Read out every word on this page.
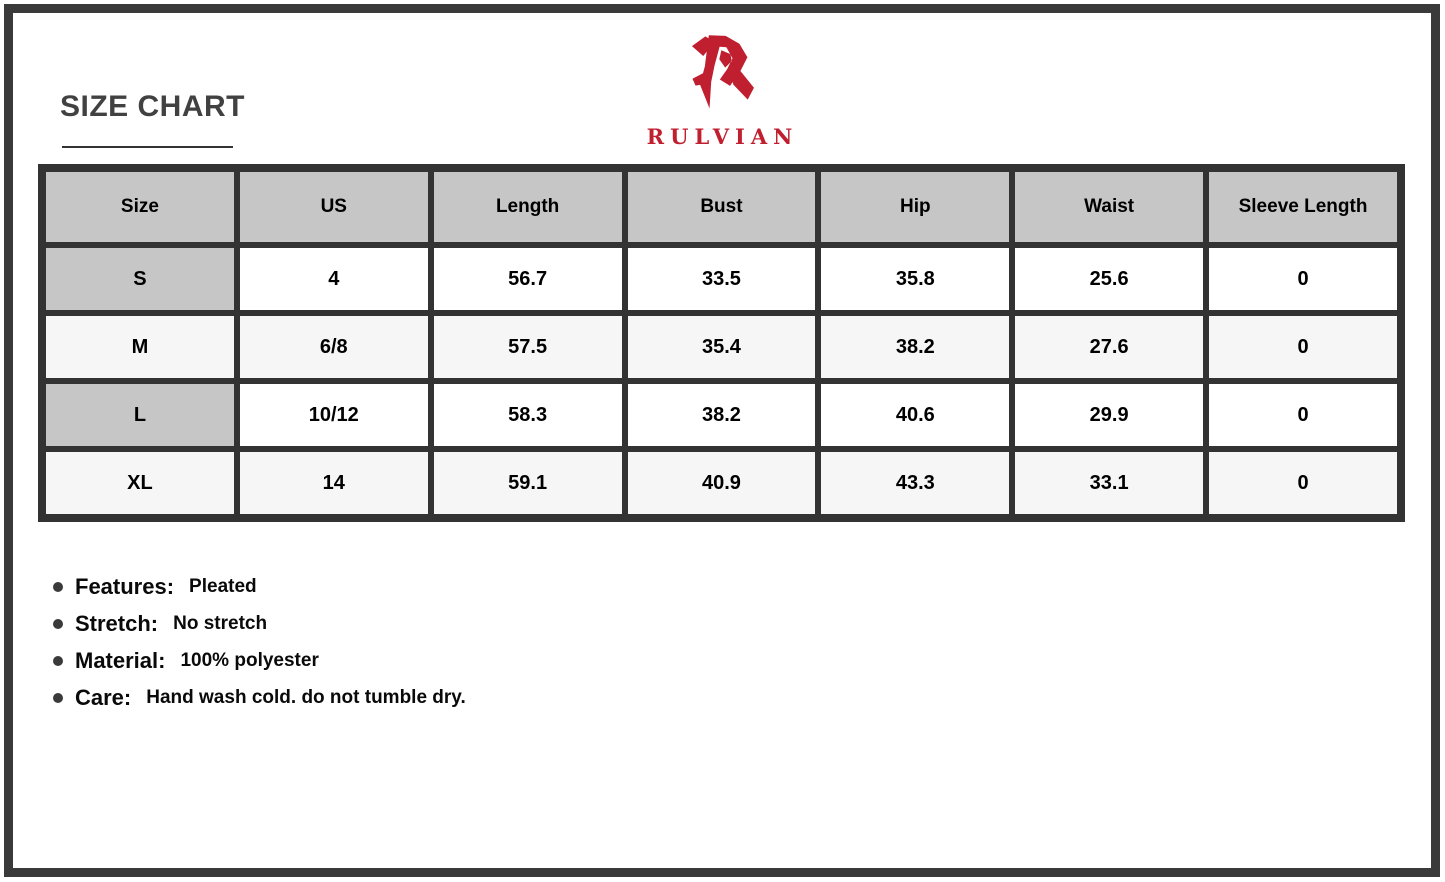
SIZE CHART
RULVIAN
Size	US	Length	Bust	Hip	Waist	Sleeve Length
S	4	56.7	33.5	35.8	25.6	0
M	6/8	57.5	35.4	38.2	27.6	0
L	10/12	58.3	38.2	40.6	29.9	0
XL	14	59.1	40.9	43.3	33.1	0
Features: Pleated
Stretch: No stretch
Material: 100% polyester
Care: Hand wash cold. do not tumble dry.
